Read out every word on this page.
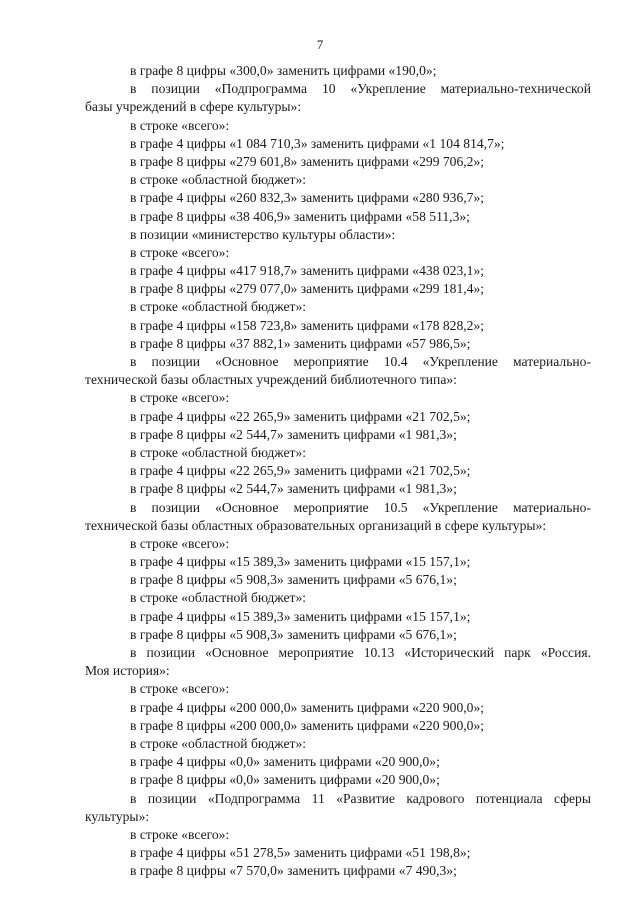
7
в графе 8 цифры «300,0» заменить цифрами «190,0»;
в позиции «Подпрограмма 10 «Укрепление материально-технической
базы учреждений в сфере культуры»:
в строке «всего»:
в графе 4 цифры «1 084 710,3» заменить цифрами «1 104 814,7»;
в графе 8 цифры «279 601,8» заменить цифрами «299 706,2»;
в строке «областной бюджет»:
в графе 4 цифры «260 832,3» заменить цифрами «280 936,7»;
в графе 8 цифры «38 406,9» заменить цифрами «58 511,3»;
в позиции «министерство культуры области»:
в строке «всего»:
в графе 4 цифры «417 918,7» заменить цифрами «438 023,1»;
в графе 8 цифры «279 077,0» заменить цифрами «299 181,4»;
в строке «областной бюджет»:
в графе 4 цифры «158 723,8» заменить цифрами «178 828,2»;
в графе 8 цифры «37 882,1» заменить цифрами «57 986,5»;
в позиции «Основное мероприятие 10.4 «Укрепление материально-
технической базы областных учреждений библиотечного типа»:
в строке «всего»:
в графе 4 цифры «22 265,9» заменить цифрами «21 702,5»;
в графе 8 цифры «2 544,7» заменить цифрами «1 981,3»;
в строке «областной бюджет»:
в графе 4 цифры «22 265,9» заменить цифрами «21 702,5»;
в графе 8 цифры «2 544,7» заменить цифрами «1 981,3»;
в позиции «Основное мероприятие 10.5 «Укрепление материально-
технической базы областных образовательных организаций в сфере культуры»:
в строке «всего»:
в графе 4 цифры «15 389,3» заменить цифрами «15 157,1»;
в графе 8 цифры «5 908,3» заменить цифрами «5 676,1»;
в строке «областной бюджет»:
в графе 4 цифры «15 389,3» заменить цифрами «15 157,1»;
в графе 8 цифры «5 908,3» заменить цифрами «5 676,1»;
в позиции «Основное мероприятие 10.13 «Исторический парк «Россия.
Моя история»:
в строке «всего»:
в графе 4 цифры «200 000,0» заменить цифрами «220 900,0»;
в графе 8 цифры «200 000,0» заменить цифрами «220 900,0»;
в строке «областной бюджет»:
в графе 4 цифры «0,0» заменить цифрами «20 900,0»;
в графе 8 цифры «0,0» заменить цифрами «20 900,0»;
в позиции «Подпрограмма 11 «Развитие кадрового потенциала сферы
культуры»:
в строке «всего»:
в графе 4 цифры «51 278,5» заменить цифрами «51 198,8»;
в графе 8 цифры «7 570,0» заменить цифрами «7 490,3»;
